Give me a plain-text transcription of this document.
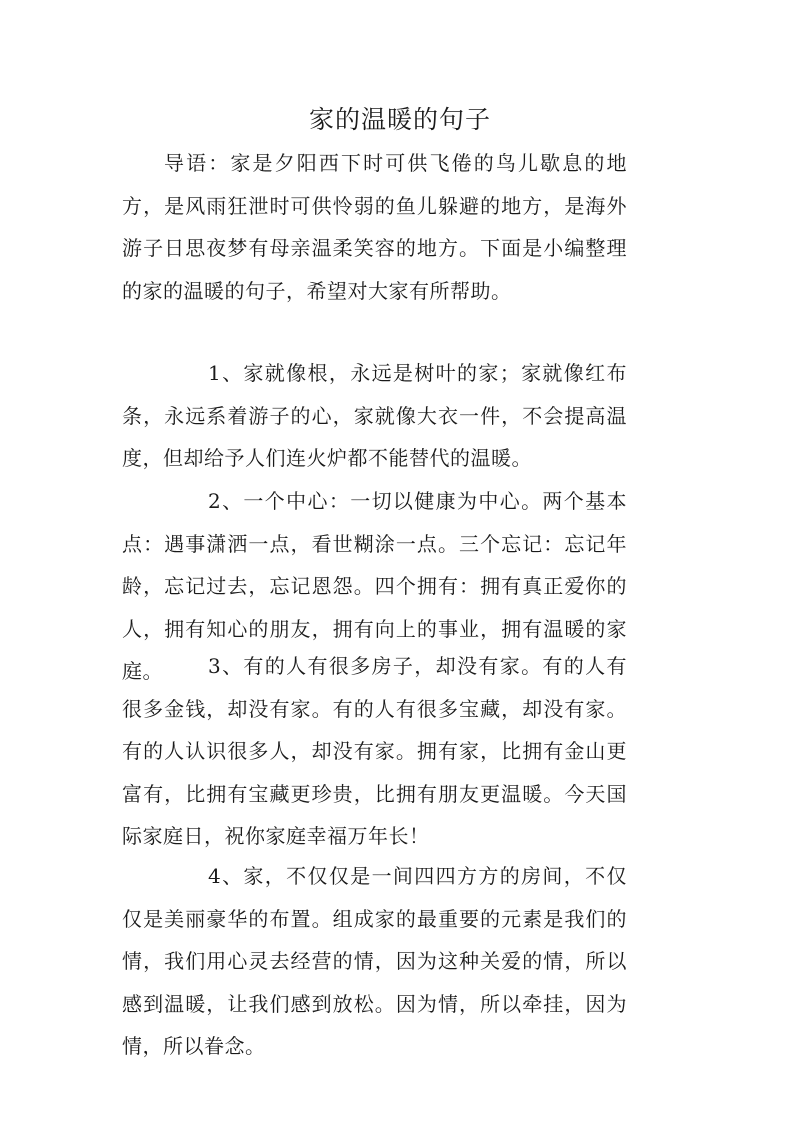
家的温暖的句子

导语：家是夕阳西下时可供飞倦的鸟儿歇息的地方，是风雨狂泄时可供怜弱的鱼儿躲避的地方，是海外游子日思夜梦有母亲温柔笑容的地方。下面是小编整理的家的温暖的句子，希望对大家有所帮助。

1、家就像根，永远是树叶的家；家就像红布条，永远系着游子的心，家就像大衣一件，不会提高温度，但却给予人们连火炉都不能替代的温暖。

2、一个中心：一切以健康为中心。两个基本点：遇事潇洒一点，看世糊涂一点。三个忘记：忘记年龄，忘记过去，忘记恩怨。四个拥有：拥有真正爱你的人，拥有知心的朋友，拥有向上的事业，拥有温暖的家庭。	3、有的人有很多房子，却没有家。有的人有很多金钱，却没有家。有的人有很多宝藏，却没有家。有的人认识很多人，却没有家。拥有家，比拥有金山更富有，比拥有宝藏更珍贵，比拥有朋友更温暖。今天国际家庭日，祝你家庭幸福万年长！

4、家，不仅仅是一间四四方方的房间，不仅仅是美丽豪华的布置。组成家的最重要的元素是我们的情，我们用心灵去经营的情，因为这种关爱的情，所以感到温暖，让我们感到放松。因为情，所以牵挂，因为情，所以眷念。
